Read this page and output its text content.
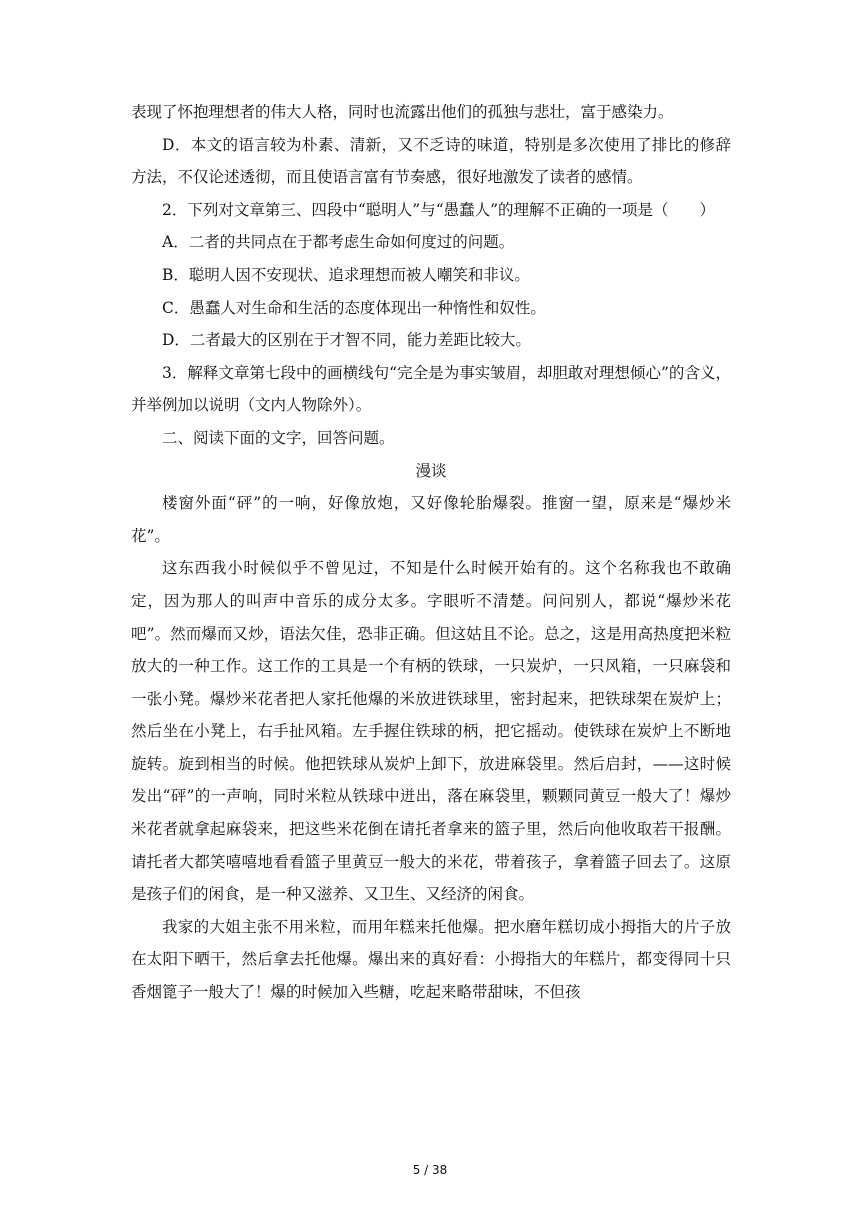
表现了怀抱理想者的伟大人格，同时也流露出他们的孤独与悲壮，富于感染力。

D．本文的语言较为朴素、清新，又不乏诗的味道，特别是多次使用了排比的修辞方法，不仅论述透彻，而且使语言富有节奏感，很好地激发了读者的感情。

2．下列对文章第三、四段中“聪明人”与“愚蠢人”的理解不正确的一项是（　　）

A．二者的共同点在于都考虑生命如何度过的问题。

B．聪明人因不安现状、追求理想而被人嘲笑和非议。

C．愚蠢人对生命和生活的态度体现出一种惰性和奴性。

D．二者最大的区别在于才智不同，能力差距比较大。

3．解释文章第七段中的画横线句“完全是为事实皱眉，却胆敢对理想倾心”的含义，并举例加以说明（文内人物除外）。

二、阅读下面的文字，回答问题。

漫谈

楼窗外面“砰”的一响，好像放炮，又好像轮胎爆裂。推窗一望，原来是“爆炒米花”。

这东西我小时候似乎不曾见过，不知是什么时候开始有的。这个名称我也不敢确定，因为那人的叫声中音乐的成分太多。字眼听不清楚。问问别人，都说“爆炒米花吧”。然而爆而又炒，语法欠佳，恐非正确。但这姑且不论。总之，这是用高热度把米粒放大的一种工作。这工作的工具是一个有柄的铁球，一只炭炉，一只风箱，一只麻袋和一张小凳。爆炒米花者把人家托他爆的米放进铁球里，密封起来，把铁球架在炭炉上；然后坐在小凳上，右手扯风箱。左手握住铁球的柄，把它摇动。使铁球在炭炉上不断地旋转。旋到相当的时候。他把铁球从炭炉上卸下，放进麻袋里。然后启封，——这时候发出“砰”的一声响，同时米粒从铁球中迸出，落在麻袋里，颗颗同黄豆一般大了！爆炒米花者就拿起麻袋来，把这些米花倒在请托者拿来的篮子里，然后向他收取若干报酬。请托者大都笑嘻嘻地看看篮子里黄豆一般大的米花，带着孩子，拿着篮子回去了。这原是孩子们的闲食，是一种又滋养、又卫生、又经济的闲食。

我家的大姐主张不用米粒，而用年糕来托他爆。把水磨年糕切成小拇指大的片子放在太阳下晒干，然后拿去托他爆。爆出来的真好看：小拇指大的年糕片，都变得同十只香烟篦子一般大了！爆的时候加入些糖，吃起来略带甜味，不但孩

5 / 38
